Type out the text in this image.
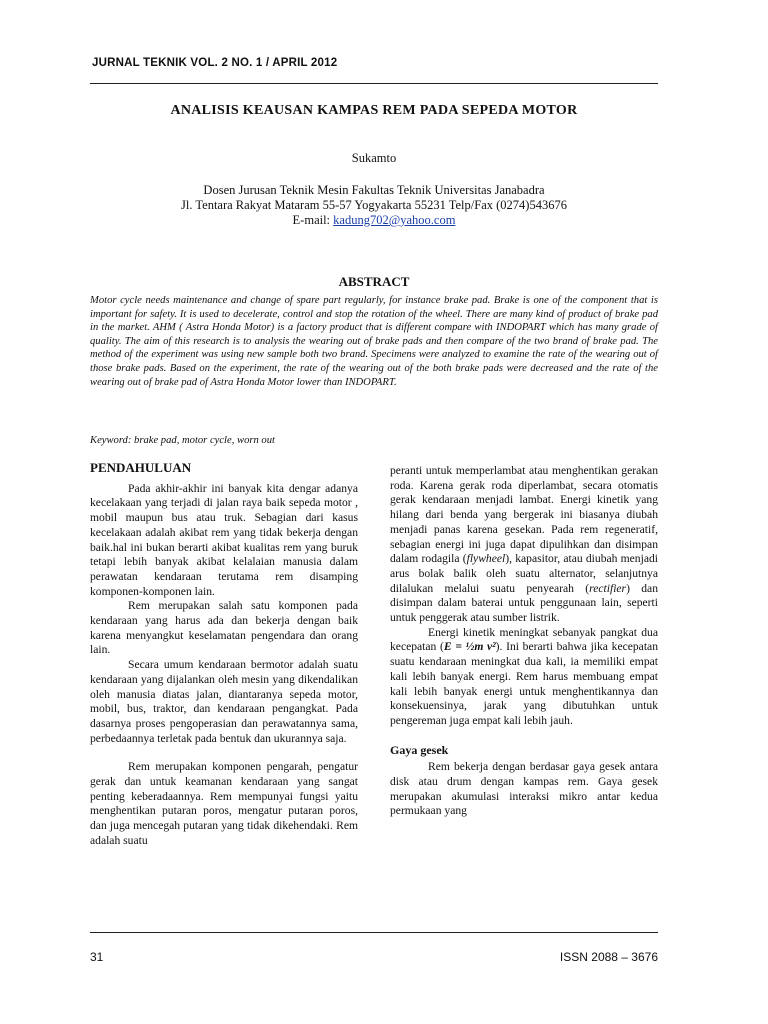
JURNAL TEKNIK VOL. 2 NO. 1 / APRIL 2012
ANALISIS KEAUSAN KAMPAS REM PADA SEPEDA MOTOR
Sukamto
Dosen Jurusan Teknik Mesin Fakultas Teknik Universitas Janabadra
Jl. Tentara Rakyat Mataram 55-57 Yogyakarta 55231 Telp/Fax (0274)543676
E-mail: kadung702@yahoo.com
ABSTRACT
Motor cycle needs maintenance and change of spare part regularly, for instance brake pad. Brake is one of the component that is important for safety. It is used to decelerate, control and stop the rotation of the wheel. There are many kind of product of brake pad in the market. AHM ( Astra Honda Motor) is a factory product that is different compare with INDOPART which has many grade of quality. The aim of this research is to analysis the wearing out of brake pads and then compare of the two brand of brake pad. The method of the experiment was using new sample both two brand. Specimens were analyzed to examine the rate of the wearing out of those brake pads. Based on the experiment, the rate of the wearing out of the both brake pads were decreased and the rate of the wearing out of brake pad of Astra Honda Motor lower than INDOPART.
Keyword: brake pad, motor cycle, worn out
PENDAHULUAN

Pada akhir-akhir ini banyak kita dengar adanya kecelakaan yang terjadi di jalan raya baik sepeda motor , mobil maupun bus atau truk. Sebagian dari kasus kecelakaan adalah akibat rem yang tidak bekerja dengan baik.hal ini bukan berarti akibat kualitas rem yang buruk tetapi lebih banyak akibat kelalaian manusia dalam perawatan kendaraan terutama rem disamping komponen-komponen lain.

Rem merupakan salah satu komponen pada kendaraan yang harus ada dan bekerja dengan baik karena menyangkut keselamatan pengendara dan orang lain.

Secara umum kendaraan bermotor adalah suatu kendaraan yang dijalankan oleh mesin yang dikendalikan oleh manusia diatas jalan, diantaranya sepeda motor, mobil, bus, traktor, dan kendaraan pengangkat. Pada dasarnya proses pengoperasian dan perawatannya sama, perbedaannya terletak pada bentuk dan ukurannya saja.

Rem merupakan komponen pengarah, pengatur gerak dan untuk keamanan kendaraan yang sangat penting keberadaannya. Rem mempunyai fungsi yaitu menghentikan putaran poros, mengatur putaran poros, dan juga mencegah putaran yang tidak dikehendaki. Rem adalah suatu

peranti untuk memperlambat atau menghentikan gerakan roda. Karena gerak roda diperlambat, secara otomatis gerak kendaraan menjadi lambat. Energi kinetik yang hilang dari benda yang bergerak ini biasanya diubah menjadi panas karena gesekan. Pada rem regeneratif, sebagian energi ini juga dapat dipulihkan dan disimpan dalam rodagila (flywheel), kapasitor, atau diubah menjadi arus bolak balik oleh suatu alternator, selanjutnya dilalukan melalui suatu penyearah (rectifier) dan disimpan dalam baterai untuk penggunaan lain, seperti untuk penggerak atau sumber listrik.

Energi kinetik meningkat sebanyak pangkat dua kecepatan (E = ½m v²). Ini berarti bahwa jika kecepatan suatu kendaraan meningkat dua kali, ia memiliki empat kali lebih banyak energi. Rem harus membuang empat kali lebih banyak energi untuk menghentikannya dan konsekuensinya, jarak yang dibutuhkan untuk pengereman juga empat kali lebih jauh.

Gaya gesek

Rem bekerja dengan berdasar gaya gesek antara disk atau drum dengan kampas rem. Gaya gesek merupakan akumulasi interaksi mikro antar kedua permukaan yang

31	ISSN 2088 – 3676
